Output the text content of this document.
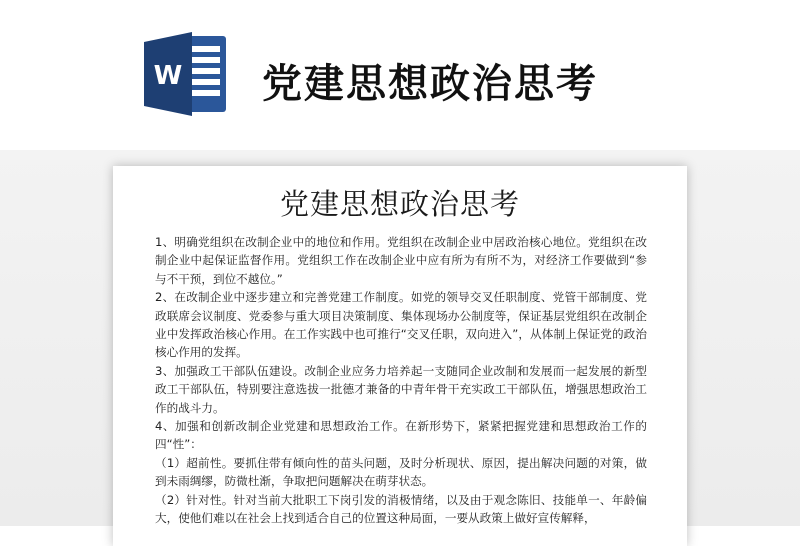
W 党建思想政治思考
党建思想政治思考

1、明确党组织在改制企业中的地位和作用。党组织在改制企业中居政治核心地位。党组织在改制企业中起保证监督作用。党组织工作在改制企业中应有所为有所不为，对经济工作要做到“参与不干预，到位不越位。”

2、在改制企业中逐步建立和完善党建工作制度。如党的领导交叉任职制度、党管干部制度、党政联席会议制度、党委参与重大项目决策制度、集体现场办公制度等，保证基层党组织在改制企业中发挥政治核心作用。在工作实践中也可推行“交叉任职，双向进入”，从体制上保证党的政治核心作用的发挥。

3、加强政工干部队伍建设。改制企业应务力培养起一支随同企业改制和发展而一起发展的新型政工干部队伍，特别要注意选拔一批德才兼备的中青年骨干充实政工干部队伍，增强思想政治工作的战斗力。

4、加强和创新改制企业党建和思想政治工作。在新形势下，紧紧把握党建和思想政治工作的四“性”：

（1）超前性。要抓住带有倾向性的苗头问题，及时分析现状、原因，提出解决问题的对策，做到未雨绸缪，防微杜渐，争取把问题解决在萌芽状态。

（2）针对性。针对当前大批职工下岗引发的消极情绪，以及由于观念陈旧、技能单一、年龄偏大，使他们难以在社会上找到适合自己的位置这种局面，一要从政策上做好宣传解释，
